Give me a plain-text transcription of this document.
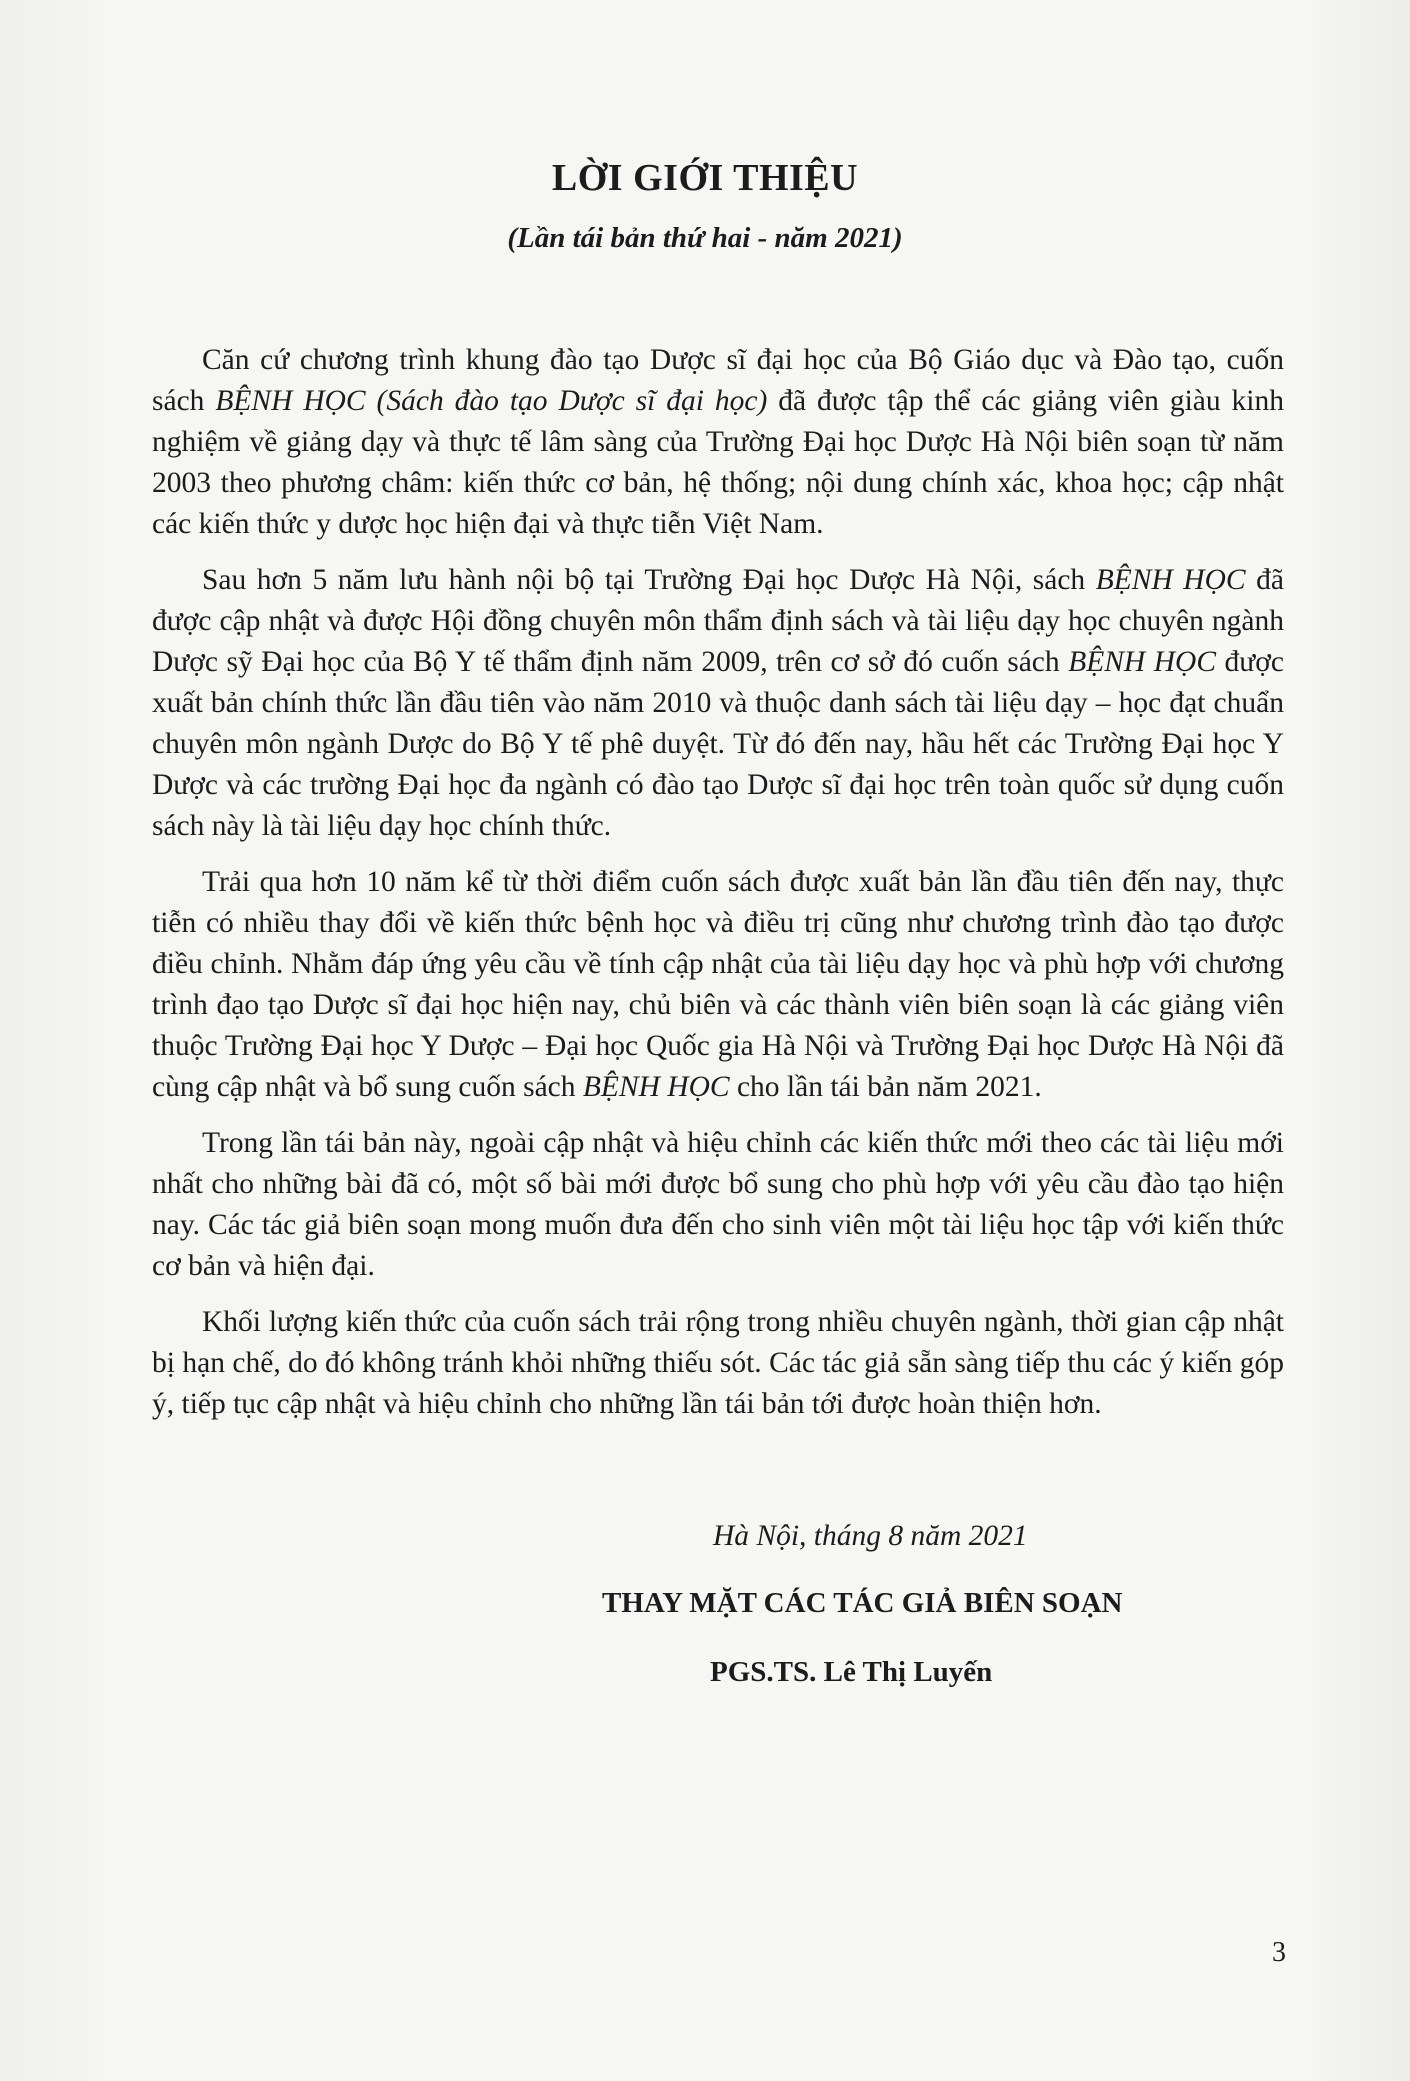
LỜI GIỚI THIỆU
(Lần tái bản thứ hai - năm 2021)

Căn cứ chương trình khung đào tạo Dược sĩ đại học của Bộ Giáo dục và Đào tạo, cuốn sách BỆNH HỌC (Sách đào tạo Dược sĩ đại học) đã được tập thể các giảng viên giàu kinh nghiệm về giảng dạy và thực tế lâm sàng của Trường Đại học Dược Hà Nội biên soạn từ năm 2003 theo phương châm: kiến thức cơ bản, hệ thống; nội dung chính xác, khoa học; cập nhật các kiến thức y dược học hiện đại và thực tiễn Việt Nam.

Sau hơn 5 năm lưu hành nội bộ tại Trường Đại học Dược Hà Nội, sách BỆNH HỌC đã được cập nhật và được Hội đồng chuyên môn thẩm định sách và tài liệu dạy học chuyên ngành Dược sỹ Đại học của Bộ Y tế thẩm định năm 2009, trên cơ sở đó cuốn sách BỆNH HỌC được xuất bản chính thức lần đầu tiên vào năm 2010 và thuộc danh sách tài liệu dạy – học đạt chuẩn chuyên môn ngành Dược do Bộ Y tế phê duyệt. Từ đó đến nay, hầu hết các Trường Đại học Y Dược và các trường Đại học đa ngành có đào tạo Dược sĩ đại học trên toàn quốc sử dụng cuốn sách này là tài liệu dạy học chính thức.

Trải qua hơn 10 năm kể từ thời điểm cuốn sách được xuất bản lần đầu tiên đến nay, thực tiễn có nhiều thay đổi về kiến thức bệnh học và điều trị cũng như chương trình đào tạo được điều chỉnh. Nhằm đáp ứng yêu cầu về tính cập nhật của tài liệu dạy học và phù hợp với chương trình đạo tạo Dược sĩ đại học hiện nay, chủ biên và các thành viên biên soạn là các giảng viên thuộc Trường Đại học Y Dược – Đại học Quốc gia Hà Nội và Trường Đại học Dược Hà Nội đã cùng cập nhật và bổ sung cuốn sách BỆNH HỌC cho lần tái bản năm 2021.

Trong lần tái bản này, ngoài cập nhật và hiệu chỉnh các kiến thức mới theo các tài liệu mới nhất cho những bài đã có, một số bài mới được bổ sung cho phù hợp với yêu cầu đào tạo hiện nay. Các tác giả biên soạn mong muốn đưa đến cho sinh viên một tài liệu học tập với kiến thức cơ bản và hiện đại.

Khối lượng kiến thức của cuốn sách trải rộng trong nhiều chuyên ngành, thời gian cập nhật bị hạn chế, do đó không tránh khỏi những thiếu sót. Các tác giả sẵn sàng tiếp thu các ý kiến góp ý, tiếp tục cập nhật và hiệu chỉnh cho những lần tái bản tới được hoàn thiện hơn.

Hà Nội, tháng 8 năm 2021
THAY MẶT CÁC TÁC GIẢ BIÊN SOẠN
PGS.TS. Lê Thị Luyến
3
